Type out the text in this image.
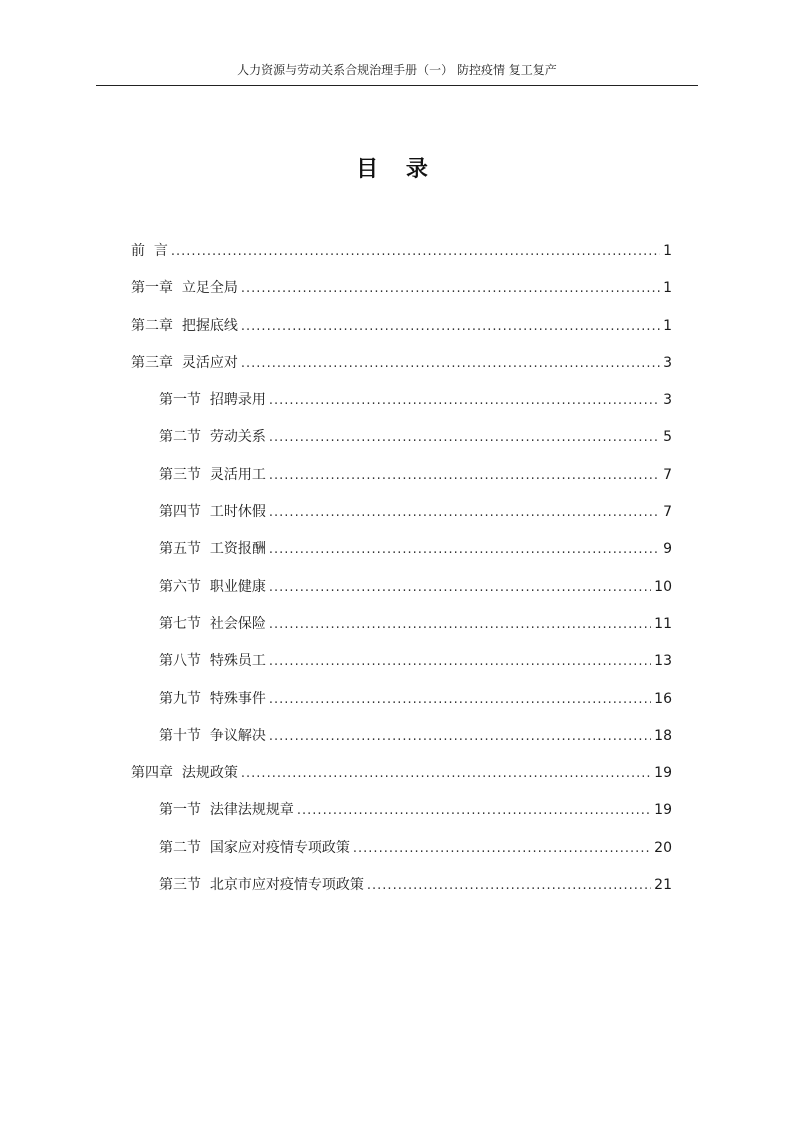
人力资源与劳动关系合规治理手册（一） 防控疫情 复工复产
目 录
前  言 .....	1
第一章  立足全局 .....	1
第二章  把握底线 .....	1
第三章  灵活应对 .....	3
第一节  招聘录用 .....	3
第二节  劳动关系 .....	5
第三节  灵活用工 .....	7
第四节  工时休假 .....	7
第五节  工资报酬 .....	9
第六节  职业健康 .....	10
第七节  社会保险 .....	11
第八节  特殊员工 .....	13
第九节  特殊事件 .....	16
第十节  争议解决 .....	18
第四章  法规政策 .....	19
第一节  法律法规规章 .....	19
第二节  国家应对疫情专项政策 .....	20
第三节  北京市应对疫情专项政策 .....	21
